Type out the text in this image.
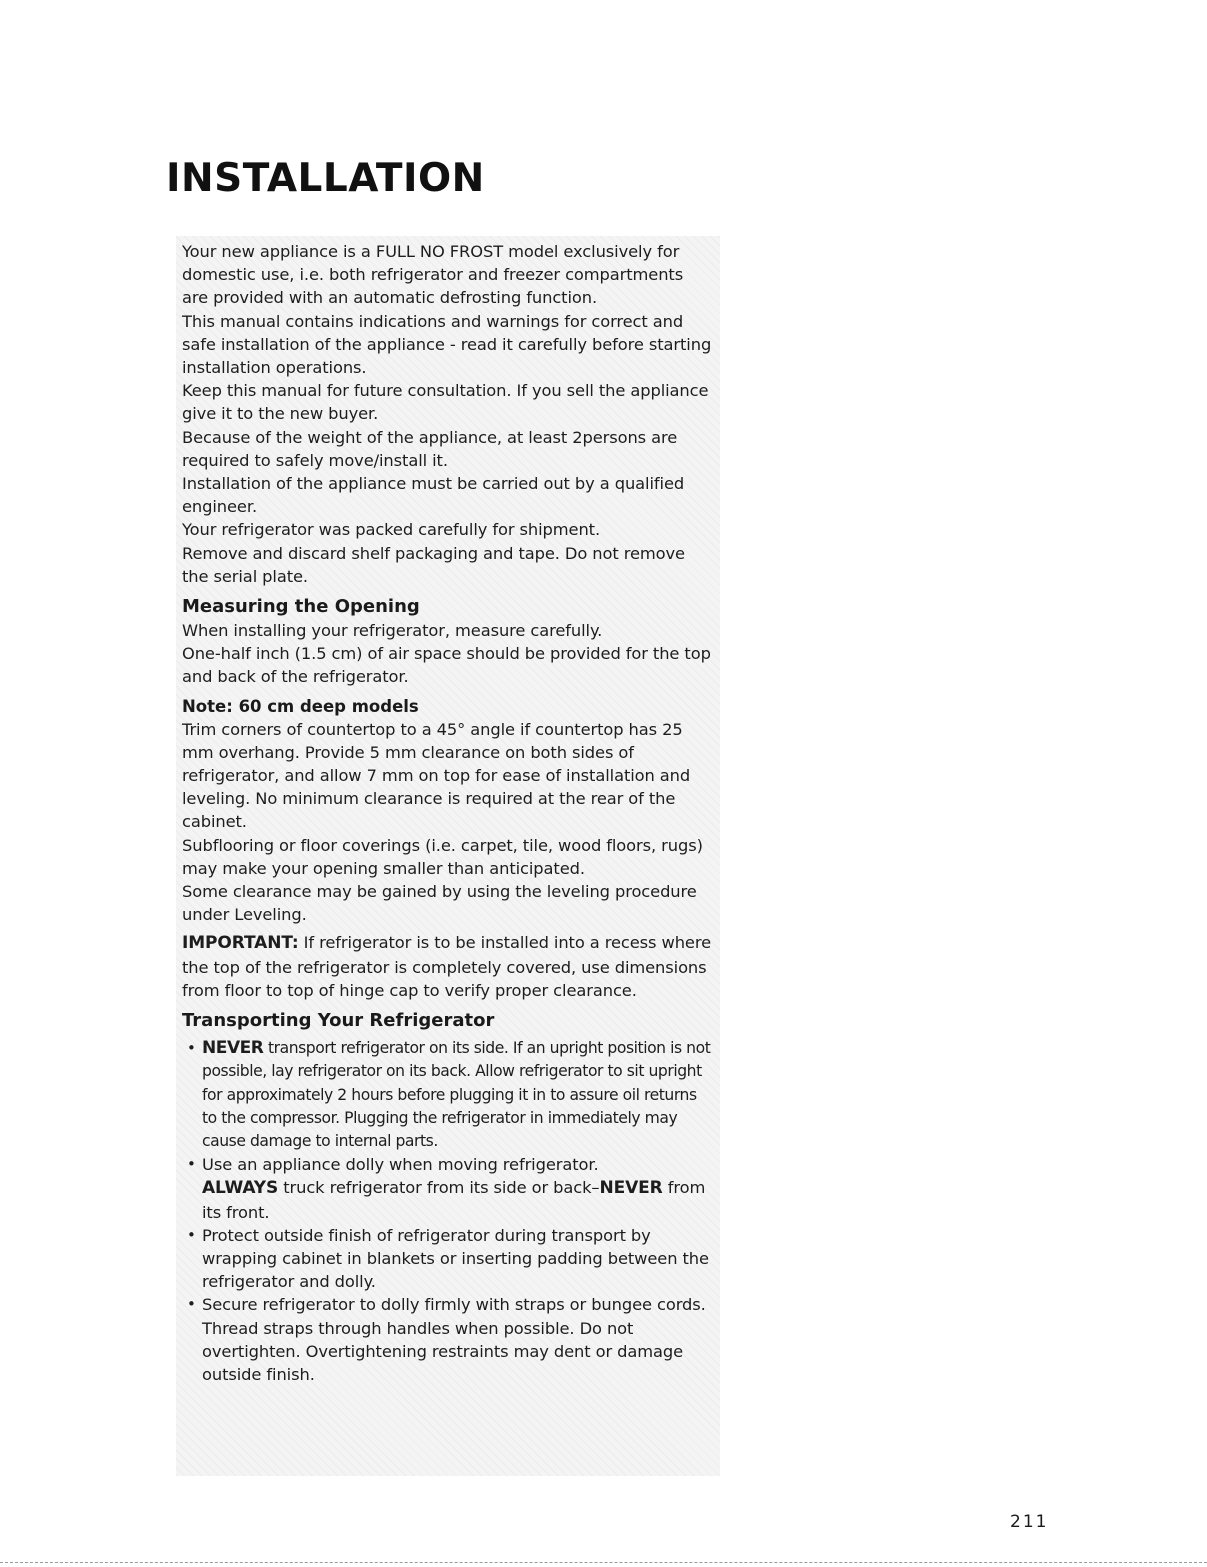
INSTALLATION

Your new appliance is a FULL NO FROST model exclusively for domestic use, i.e. both refrigerator and freezer compartments are provided with an automatic defrosting function.

This manual contains indications and warnings for correct and safe installation of the appliance - read it carefully before starting installation operations.

Keep this manual for future consultation. If you sell the appliance give it to the new buyer.

Because of the weight of the appliance, at least 2persons are required to safely move/install it.

Installation of the appliance must be carried out by a qualified engineer.

Your refrigerator was packed carefully for shipment.

Remove and discard shelf packaging and tape. Do not remove the serial plate.

Measuring the Opening

When installing your refrigerator, measure carefully.

One-half inch (1.5 cm) of air space should be provided for the top and back of the refrigerator.

Note: 60 cm deep models

Trim corners of countertop to a 45° angle if countertop has 25 mm overhang. Provide 5 mm clearance on both sides of refrigerator, and allow 7 mm on top for ease of installation and leveling. No minimum clearance is required at the rear of the cabinet.

Subflooring or floor coverings (i.e. carpet, tile, wood floors, rugs) may make your opening smaller than anticipated.

Some clearance may be gained by using the leveling procedure under Leveling.

IMPORTANT: If refrigerator is to be installed into a recess where the top of the refrigerator is completely covered, use dimensions from floor to top of hinge cap to verify proper clearance.

Transporting Your Refrigerator
• NEVER transport refrigerator on its side. If an upright position is not possible, lay refrigerator on its back. Allow refrigerator to sit upright for approximately 2 hours before plugging it in to assure oil returns to the compressor. Plugging the refrigerator in immediately may cause damage to internal parts.
• Use an appliance dolly when moving refrigerator.
ALWAYS truck refrigerator from its side or back–NEVER from its front.
• Protect outside finish of refrigerator during transport by wrapping cabinet in blankets or inserting padding between the refrigerator and dolly.
• Secure refrigerator to dolly firmly with straps or bungee cords. Thread straps through handles when possible. Do not overtighten. Overtightening restraints may dent or damage outside finish.
211
